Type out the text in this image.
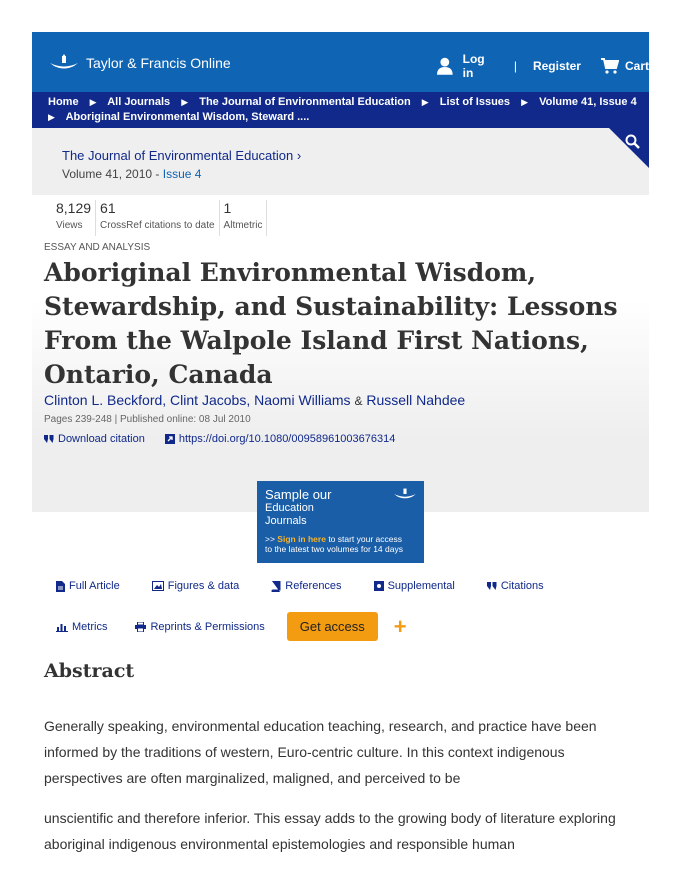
Taylor & Francis Online	Log in	| Register	Cart
Home ▶ All Journals ▶ The Journal of Environmental Education ▶ List of Issues ▶ Volume 41, Issue 4
▶ Aboriginal Environmental Wisdom, Steward ....
The Journal of Environmental Education ›
Volume 41, 2010 - Issue 4
8,129
Views
61
CrossRef citations to date
1
Altmetric
ESSAY AND ANALYSIS
Aboriginal Environmental Wisdom, Stewardship, and Sustainability: Lessons From the Walpole Island First Nations, Ontario, Canada
Clinton L. Beckford, Clint Jacobs, Naomi Williams & Russell Nahdee
Pages 239-248 | Published online: 08 Jul 2010
Download citation	https://doi.org/10.1080/00958961003676314
Sample our
Education
Journals
>> Sign in here to start your access
to the latest two volumes for 14 days
Full Article	Figures & data	References	Supplemental	Citations
Metrics	Reprints & Permissions	Get access	+
Abstract

Generally speaking, environmental education teaching, research, and practice have been informed by the traditions of western, Euro-centric culture. In this context indigenous perspectives are often marginalized, maligned, and perceived to be

unscientific and therefore inferior. This essay adds to the growing body of literature exploring aboriginal indigenous environmental epistemologies and responsible human
